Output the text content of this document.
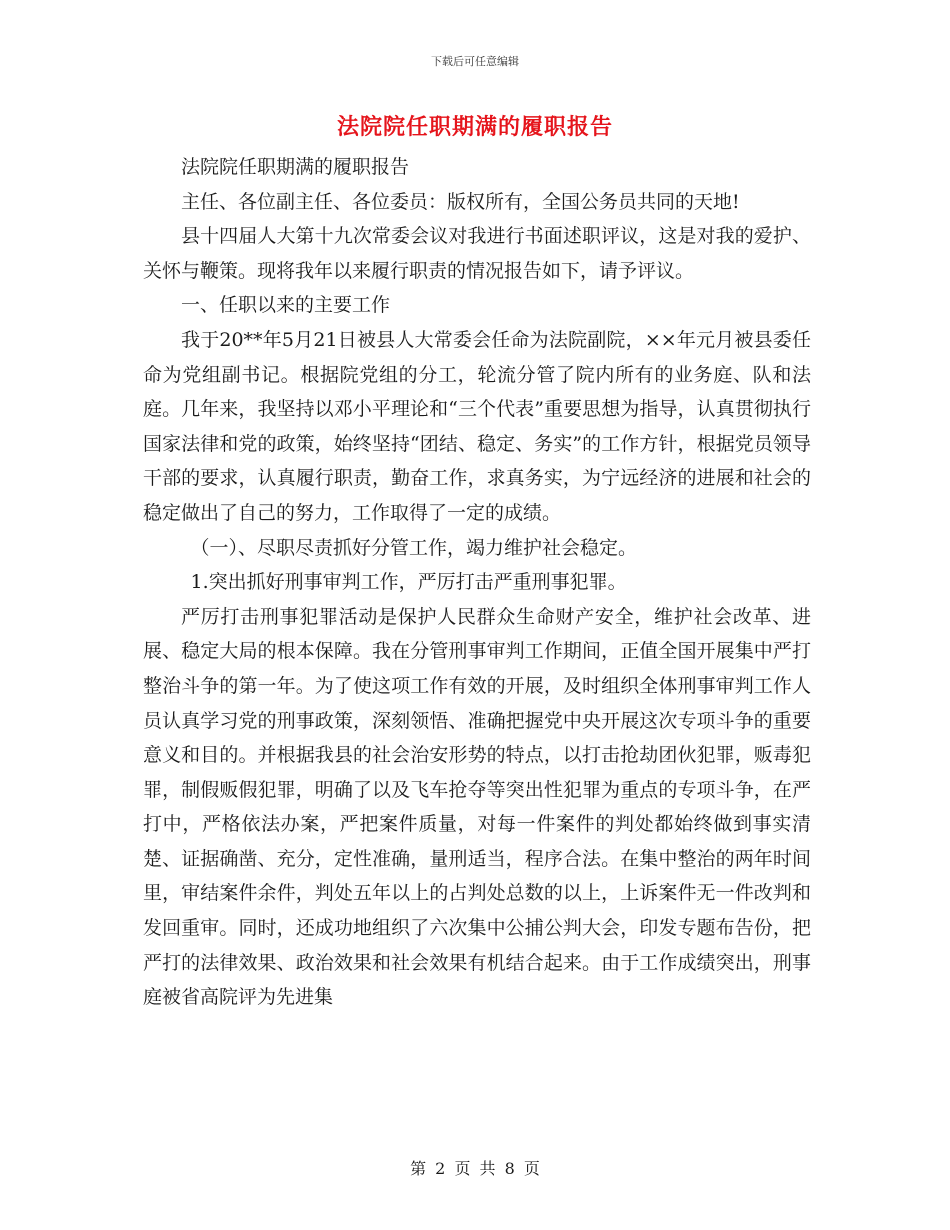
下载后可任意编辑
法院院任职期满的履职报告

法院院任职期满的履职报告

主任、各位副主任、各位委员：版权所有，全国公务员共同的天地!

县十四届人大第十九次常委会议对我进行书面述职评议，这是对我的爱护、关怀与鞭策。现将我年以来履行职责的情况报告如下，请予评议。

一、任职以来的主要工作

我于20**年5月21日被县人大常委会任命为法院副院，××年元月被县委任命为党组副书记。根据院党组的分工，轮流分管了院内所有的业务庭、队和法庭。几年来，我坚持以邓小平理论和“三个代表”重要思想为指导，认真贯彻执行国家法律和党的政策，始终坚持“团结、稳定、务实”的工作方针，根据党员领导干部的要求，认真履行职责，勤奋工作，求真务实，为宁远经济的进展和社会的稳定做出了自己的努力，工作取得了一定的成绩。

（一）、尽职尽责抓好分管工作，竭力维护社会稳定。

1.突出抓好刑事审判工作，严厉打击严重刑事犯罪。

严厉打击刑事犯罪活动是保护人民群众生命财产安全，维护社会改革、进展、稳定大局的根本保障。我在分管刑事审判工作期间，正值全国开展集中严打整治斗争的第一年。为了使这项工作有效的开展，及时组织全体刑事审判工作人员认真学习党的刑事政策，深刻领悟、准确把握党中央开展这次专项斗争的重要意义和目的。并根据我县的社会治安形势的特点，以打击抢劫团伙犯罪，贩毒犯罪，制假贩假犯罪，明确了以及飞车抢夺等突出性犯罪为重点的专项斗争，在严打中，严格依法办案，严把案件质量，对每一件案件的判处都始终做到事实清楚、证据确凿、充分，定性准确，量刑适当，程序合法。在集中整治的两年时间里，审结案件余件，判处五年以上的占判处总数的以上，上诉案件无一件改判和发回重审。同时，还成功地组织了六次集中公捕公判大会，印发专题布告份，把严打的法律效果、政治效果和社会效果有机结合起来。由于工作成绩突出，刑事庭被省高院评为先进集

第 2 页 共 8 页
